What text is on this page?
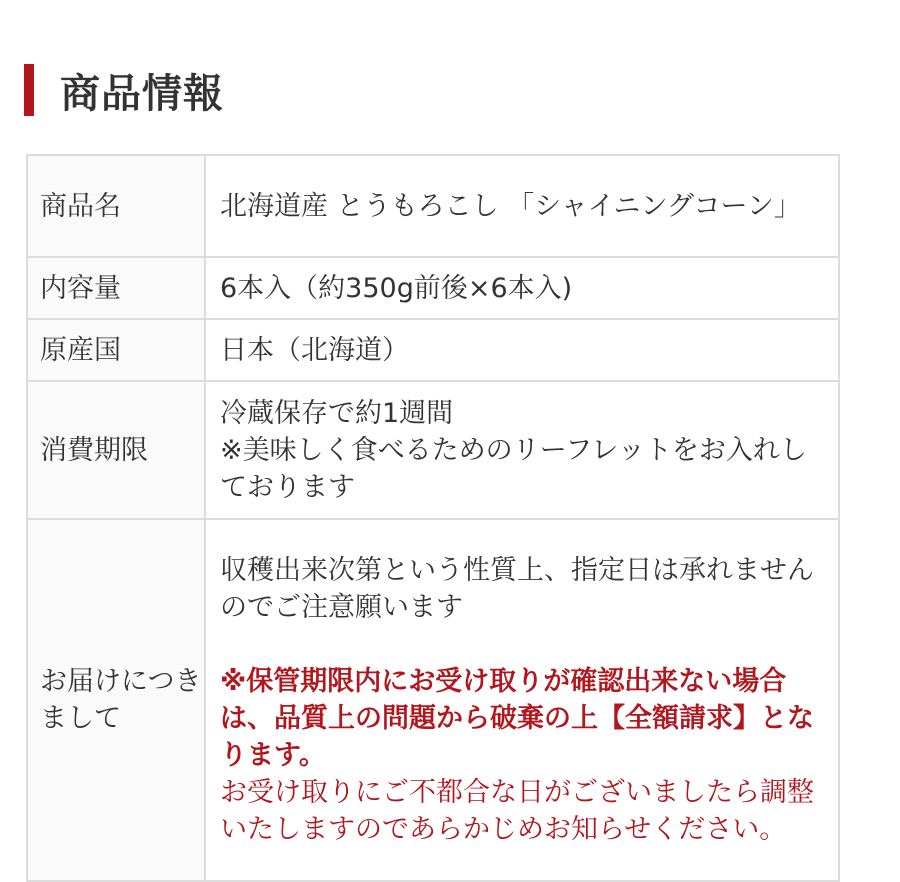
商品情報
商品名	北海道産 とうもろこし 「シャイニングコーン」
内容量	6本入（約350g前後×6本入)
原産国	日本（北海道）
消費期限	冷蔵保存で約1週間
※美味しく食べるためのリーフレットをお入れしております

お届けにつきまして	収穫出来次第という性質上、指定日は承れませんのでご注意願います
※保管期限内にお受け取りが確認出来ない場合は、品質上の問題から破棄の上【全額請求】となります。
お受け取りにご不都合な日がございましたら調整いたしますのであらかじめお知らせください。
